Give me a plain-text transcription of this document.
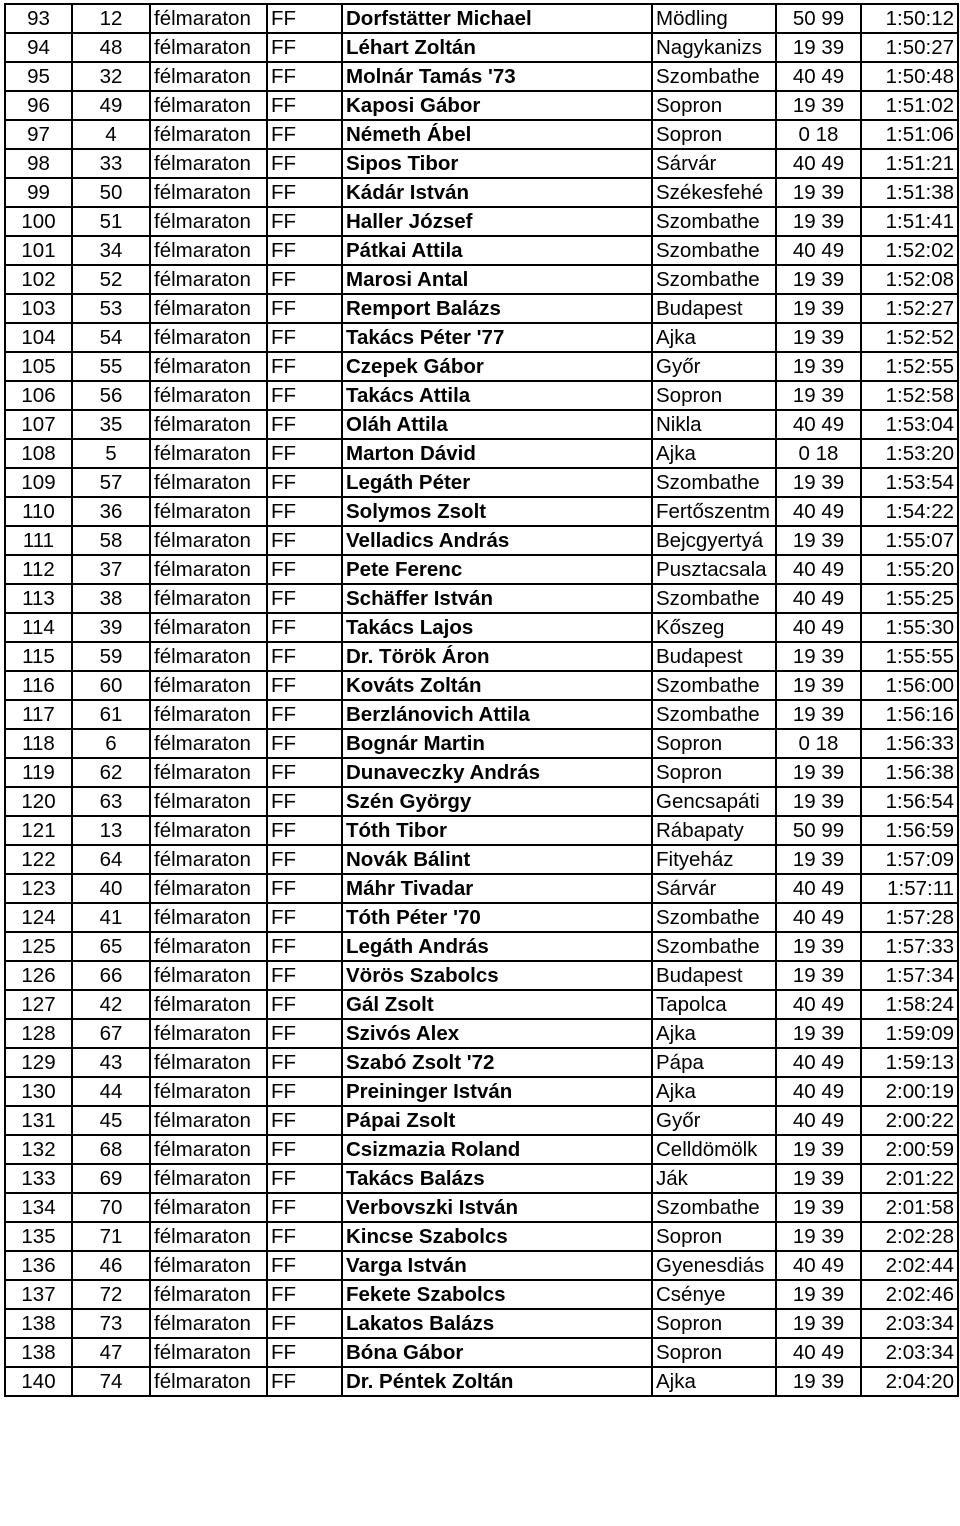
93	12	félmaraton	FF	Dorfstätter Michael	Mödling	50 99	1:50:12
94	48	félmaraton	FF	Léhart Zoltán	Nagykanizs	19 39	1:50:27
95	32	félmaraton	FF	Molnár Tamás '73	Szombathe	40 49	1:50:48
96	49	félmaraton	FF	Kaposi Gábor	Sopron	19 39	1:51:02
97	4	félmaraton	FF	Németh Ábel	Sopron	0 18	1:51:06
98	33	félmaraton	FF	Sipos Tibor	Sárvár	40 49	1:51:21
99	50	félmaraton	FF	Kádár István	Székesfehé	19 39	1:51:38
100	51	félmaraton	FF	Haller József	Szombathe	19 39	1:51:41
101	34	félmaraton	FF	Pátkai Attila	Szombathe	40 49	1:52:02
102	52	félmaraton	FF	Marosi Antal	Szombathe	19 39	1:52:08
103	53	félmaraton	FF	Remport Balázs	Budapest	19 39	1:52:27
104	54	félmaraton	FF	Takács Péter '77	Ajka	19 39	1:52:52
105	55	félmaraton	FF	Czepek Gábor	Győr	19 39	1:52:55
106	56	félmaraton	FF	Takács Attila	Sopron	19 39	1:52:58
107	35	félmaraton	FF	Oláh Attila	Nikla	40 49	1:53:04
108	5	félmaraton	FF	Marton Dávid	Ajka	0 18	1:53:20
109	57	félmaraton	FF	Legáth Péter	Szombathe	19 39	1:53:54
110	36	félmaraton	FF	Solymos Zsolt	Fertőszentm	40 49	1:54:22
111	58	félmaraton	FF	Velladics András	Bejcgyertyá	19 39	1:55:07
112	37	félmaraton	FF	Pete Ferenc	Pusztacsala	40 49	1:55:20
113	38	félmaraton	FF	Schäffer István	Szombathe	40 49	1:55:25
114	39	félmaraton	FF	Takács Lajos	Kőszeg	40 49	1:55:30
115	59	félmaraton	FF	Dr. Török Áron	Budapest	19 39	1:55:55
116	60	félmaraton	FF	Kováts Zoltán	Szombathe	19 39	1:56:00
117	61	félmaraton	FF	Berzlánovich Attila	Szombathe	19 39	1:56:16
118	6	félmaraton	FF	Bognár Martin	Sopron	0 18	1:56:33
119	62	félmaraton	FF	Dunaveczky András	Sopron	19 39	1:56:38
120	63	félmaraton	FF	Szén György	Gencsapáti	19 39	1:56:54
121	13	félmaraton	FF	Tóth Tibor	Rábapaty	50 99	1:56:59
122	64	félmaraton	FF	Novák Bálint	Fityeház	19 39	1:57:09
123	40	félmaraton	FF	Máhr Tivadar	Sárvár	40 49	1:57:11
124	41	félmaraton	FF	Tóth Péter '70	Szombathe	40 49	1:57:28
125	65	félmaraton	FF	Legáth András	Szombathe	19 39	1:57:33
126	66	félmaraton	FF	Vörös Szabolcs	Budapest	19 39	1:57:34
127	42	félmaraton	FF	Gál Zsolt	Tapolca	40 49	1:58:24
128	67	félmaraton	FF	Szivós Alex	Ajka	19 39	1:59:09
129	43	félmaraton	FF	Szabó Zsolt '72	Pápa	40 49	1:59:13
130	44	félmaraton	FF	Preininger István	Ajka	40 49	2:00:19
131	45	félmaraton	FF	Pápai Zsolt	Győr	40 49	2:00:22
132	68	félmaraton	FF	Csizmazia Roland	Celldömölk	19 39	2:00:59
133	69	félmaraton	FF	Takács Balázs	Ják	19 39	2:01:22
134	70	félmaraton	FF	Verbovszki István	Szombathe	19 39	2:01:58
135	71	félmaraton	FF	Kincse Szabolcs	Sopron	19 39	2:02:28
136	46	félmaraton	FF	Varga István	Gyenesdiás	40 49	2:02:44
137	72	félmaraton	FF	Fekete Szabolcs	Csénye	19 39	2:02:46
138	73	félmaraton	FF	Lakatos Balázs	Sopron	19 39	2:03:34
138	47	félmaraton	FF	Bóna Gábor	Sopron	40 49	2:03:34
140	74	félmaraton	FF	Dr. Péntek Zoltán	Ajka	19 39	2:04:20
